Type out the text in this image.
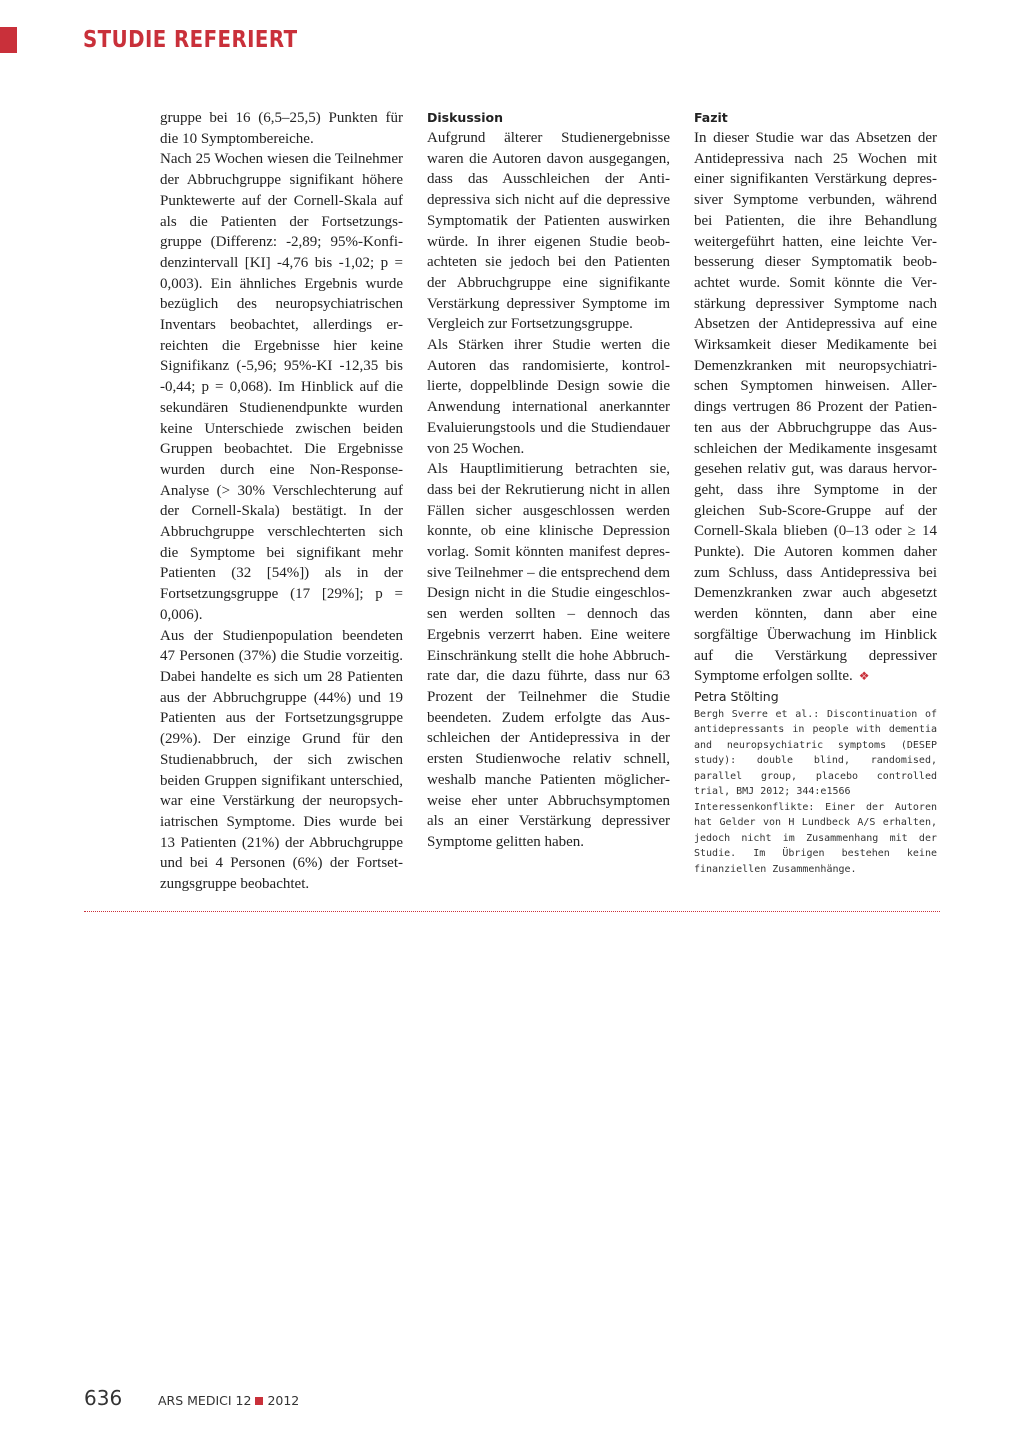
STUDIE REFERIERT

gruppe bei 16 (6,5–25,5) Punkten für die 10 Symptombereiche.

Nach 25 Wochen wiesen die Teilnehmer der Abbruchgruppe signifikant höhere Punktewerte auf der Cornell-Skala auf als die Patienten der Fortsetzungsgruppe (Differenz: -2,89; 95%-Konfidenzintervall [KI] -4,76 bis -1,02; p = 0,003). Ein ähnliches Ergebnis wurde bezüglich des neuropsychiatrischen Inventars beobachtet, allerdings erreichten die Ergebnisse hier keine Signifikanz (-5,96; 95%-KI -12,35 bis -0,44; p = 0,068). Im Hinblick auf die sekundären Studienendpunkte wurden keine Unterschiede zwischen beiden Gruppen beobachtet. Die Ergebnisse wurden durch eine Non-Response-Analyse (> 30% Verschlechterung auf der Cornell-Skala) bestätigt. In der Abbruchgruppe verschlechterten sich die Symptome bei signifikant mehr Patienten (32 [54%]) als in der Fortsetzungsgruppe (17 [29%]; p = 0,006).

Aus der Studienpopulation beendeten 47 Personen (37%) die Studie vorzeitig. Dabei handelte es sich um 28 Patienten aus der Abbruchgruppe (44%) und 19 Patienten aus der Fortsetzungsgruppe (29%). Der einzige Grund für den Studienabbruch, der sich zwischen beiden Gruppen signifikant unterschied, war eine Verstärkung der neuropsychiatrischen Symptome. Dies wurde bei 13 Patienten (21%) der Abbruchgruppe und bei 4 Personen (6%) der Fortsetzungsgruppe beobachtet.

Diskussion

Aufgrund älterer Studienergebnisse waren die Autoren davon ausgegangen, dass das Ausschleichen der Antidepressiva sich nicht auf die depressive Symptomatik der Patienten auswirken würde. In ihrer eigenen Studie beobachteten sie jedoch bei den Patienten der Abbruchgruppe eine signifikante Verstärkung depressiver Symptome im Vergleich zur Fortsetzungsgruppe.

Als Stärken ihrer Studie werten die Autoren das randomisierte, kontrollierte, doppelblinde Design sowie die Anwendung international anerkannter Evaluierungstools und die Studiendauer von 25 Wochen.

Als Hauptlimitierung betrachten sie, dass bei der Rekrutierung nicht in allen Fällen sicher ausgeschlossen werden konnte, ob eine klinische Depression vorlag. Somit könnten manifest depressive Teilnehmer – die entsprechend dem Design nicht in die Studie eingeschlossen werden sollten – dennoch das Ergebnis verzerrt haben. Eine weitere Einschränkung stellt die hohe Abbruchrate dar, die dazu führte, dass nur 63 Prozent der Teilnehmer die Studie beendeten. Zudem erfolgte das Ausschleichen der Antidepressiva in der ersten Studienwoche relativ schnell, weshalb manche Patienten möglicherweise eher unter Abbruchsymptomen als an einer Verstärkung depressiver Symptome gelitten haben.

Fazit

In dieser Studie war das Absetzen der Antidepressiva nach 25 Wochen mit einer signifikanten Verstärkung depressiver Symptome verbunden, während bei Patienten, die ihre Behandlung weitergeführt hatten, eine leichte Verbesserung dieser Symptomatik beobachtet wurde. Somit könnte die Verstärkung depressiver Symptome nach Absetzen der Antidepressiva auf eine Wirksamkeit dieser Medikamente bei Demenzkranken mit neuropsychiatrischen Symptomen hinweisen. Allerdings vertrugen 86 Prozent der Patienten aus der Abbruchgruppe das Ausschleichen der Medikamente insgesamt gesehen relativ gut, was daraus hervorgeht, dass ihre Symptome in der gleichen Sub-Score-Gruppe auf der Cornell-Skala blieben (0–13 oder ≥ 14 Punkte). Die Autoren kommen daher zum Schluss, dass Antidepressiva bei Demenzkranken zwar auch abgesetzt werden könnten, dann aber eine sorgfältige Überwachung im Hinblick auf die Verstärkung depressiver Symptome erfolgen sollte. ❖

Petra Stölting

Bergh Sverre et al.: Discontinuation of antidepressants in people with dementia and neuropsychiatric symptoms (DESEP study): double blind, randomised, parallel group, placebo controlled trial, BMJ 2012; 344:e1566

Interessenkonflikte: Einer der Autoren hat Gelder von H Lundbeck A/S erhalten, jedoch nicht im Zusammenhang mit der Studie. Im Übrigen bestehen keine finanziellen Zusammenhänge.

636	ARS MEDICI 12 2012
